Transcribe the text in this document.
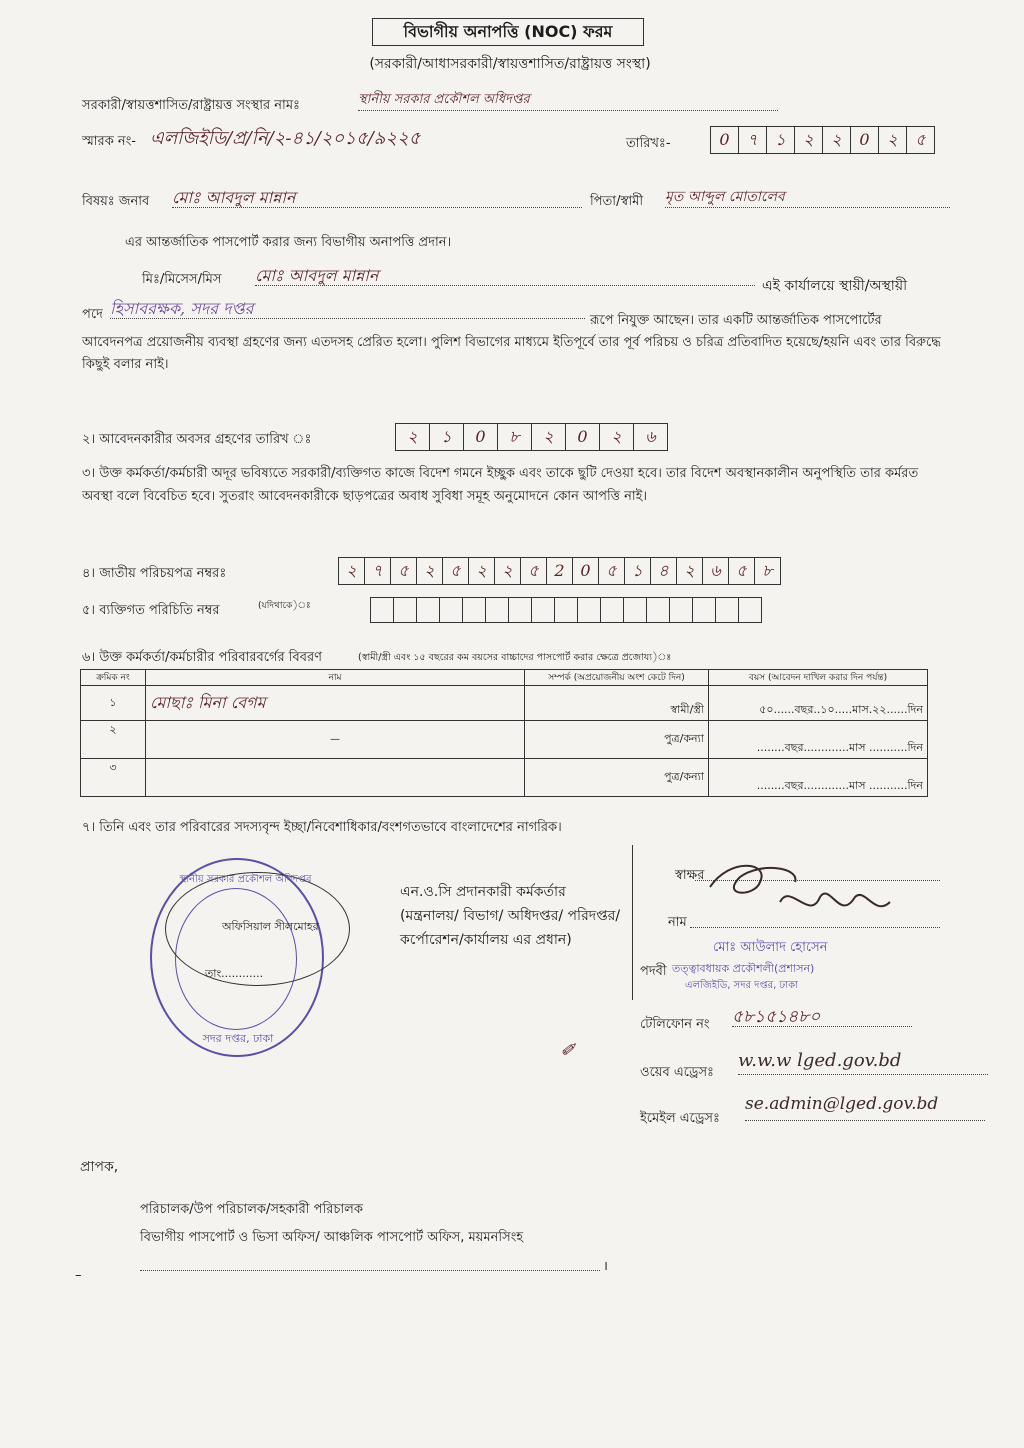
বিভাগীয় অনাপত্তি (NOC) ফরম
(সরকারী/আধাসরকারী/স্বায়ত্তশাসিত/রাষ্ট্রায়ত্ত সংস্থা)
সরকারী/স্বায়ত্তশাসিত/রাষ্ট্রায়ত্ত সংস্থার নামঃ	স্থানীয় সরকার প্রকৌশল অধিদপ্তর
স্মারক নং- এলজিইডি/প্র/নি/২-৪১/২০১৫/৯২২৫	তারিখঃ-	0	৭	১	২	২	0	২	৫
বিষয়ঃ জনাব মোঃ আবদুল মান্নান	পিতা/স্বামী মৃত আব্দুল মোতালেব
এর আন্তর্জাতিক পাসপোর্ট করার জন্য বিভাগীয় অনাপত্তি প্রদান।
মিঃ/মিসেস/মিস মোঃ আবদুল মান্নান
এই কার্যালয়ে স্থায়ী/অস্থায়ী
পদে হিসাবরক্ষক, সদর দপ্তর
রূপে নিযুক্ত আছেন। তার একটি আন্তর্জাতিক পাসপোর্টের আবেদনপত্র প্রয়োজনীয় ব্যবস্থা গ্রহণের জন্য এতদসহ প্রেরিত হলো। পুলিশ বিভাগের মাধ্যমে ইতিপূর্বে তার পূর্ব পরিচয় ও চরিত্র প্রতিবাদিত হয়েছে/হয়নি এবং তার বিরুদ্ধে কিছুই বলার নাই।
২। আবেদনকারীর অবসর গ্রহণের তারিখ ঃ	২	১	0	৮	২	0	২	৬
৩। উক্ত কর্মকর্তা/কর্মচারী অদূর ভবিষ্যতে সরকারী/ব্যক্তিগত কাজে বিদেশ গমনে ইচ্ছুক এবং তাকে ছুটি দেওয়া হবে। তার বিদেশ অবস্থানকালীন অনুপস্থিতি তার কর্মরত অবস্থা বলে বিবেচিত হবে। সুতরাং আবেদনকারীকে ছাড়পত্রের অবাধ সুবিধা সমূহ অনুমোদনে কোন আপত্তি নাই।
৪। জাতীয় পরিচয়পত্র নম্বরঃ	২ ৭ ৫ ২ ৫ ২ ২ ৫ 2 0 ৫ ১ ৪ ২ ৬ ৫ ৮
৫। ব্যক্তিগত পরিচিতি নম্বর	(যদিথাকে)ঃ
৬। উক্ত কর্মকর্তা/কর্মচারীর পরিবারবর্গের বিবরণ	(স্বামী/স্ত্রী এবং ১৫ বছরের কম বয়সের বাচ্চাদের পাসপোর্ট করার ক্ষেত্রে প্রজোয্য)ঃ
ক্রমিক নং	নাম	সম্পর্ক (অপ্রয়োজনীয় অংশ কেটে দিন)	বয়স (আবেদন দাখিল করার দিন পর্যন্ত)
১	মোছাঃ মিনা বেগম	স্বামী/স্ত্রী	৫০......বছর..১০.....মাস.২২......দিন
২	—	পুত্র/কন্যা	........বছর.............মাস ...........দিন
৩		পুত্র/কন্যা	........বছর.............মাস ...........দিন
৭। তিনি এবং তার পরিবারের সদস্যবৃন্দ ইচ্ছা/নিবেশাধিকার/বংশগতভাবে বাংলাদেশের নাগরিক।
স্থানীয় সরকার প্রকৌশল অধিদপ্তর
অফিসিয়াল সীলমোহর
তাং............
সদর দপ্তর, ঢাকা
এন.ও.সি প্রদানকারী কর্মকর্তার (মন্ত্রনালয়/ বিভাগ/ অধিদপ্তর/ পরিদপ্তর/কর্পোরেশন/কার্যালয় এর প্রধান)
স্বাক্ষর
নাম
মোঃ আউলাদ হোসেন
পদবী তত্ত্বাবধায়ক প্রকৌশলী(প্রশাসন)
এলজিইডি, সদর দপ্তর, ঢাকা
টেলিফোন নং ৫৮১৫১৪৮০
✐
ওয়েব এড্রেসঃ
w.w.w lged.gov.bd
ইমেইল এড্রেসঃ
se.admin@lged.gov.bd
প্রাপক,
পরিচালক/উপ পরিচালক/সহকারী পরিচালক
বিভাগীয় পাসপোর্ট ও ভিসা অফিস/ আঞ্চলিক পাসপোর্ট অফিস, ময়মনসিংহ
।
–
